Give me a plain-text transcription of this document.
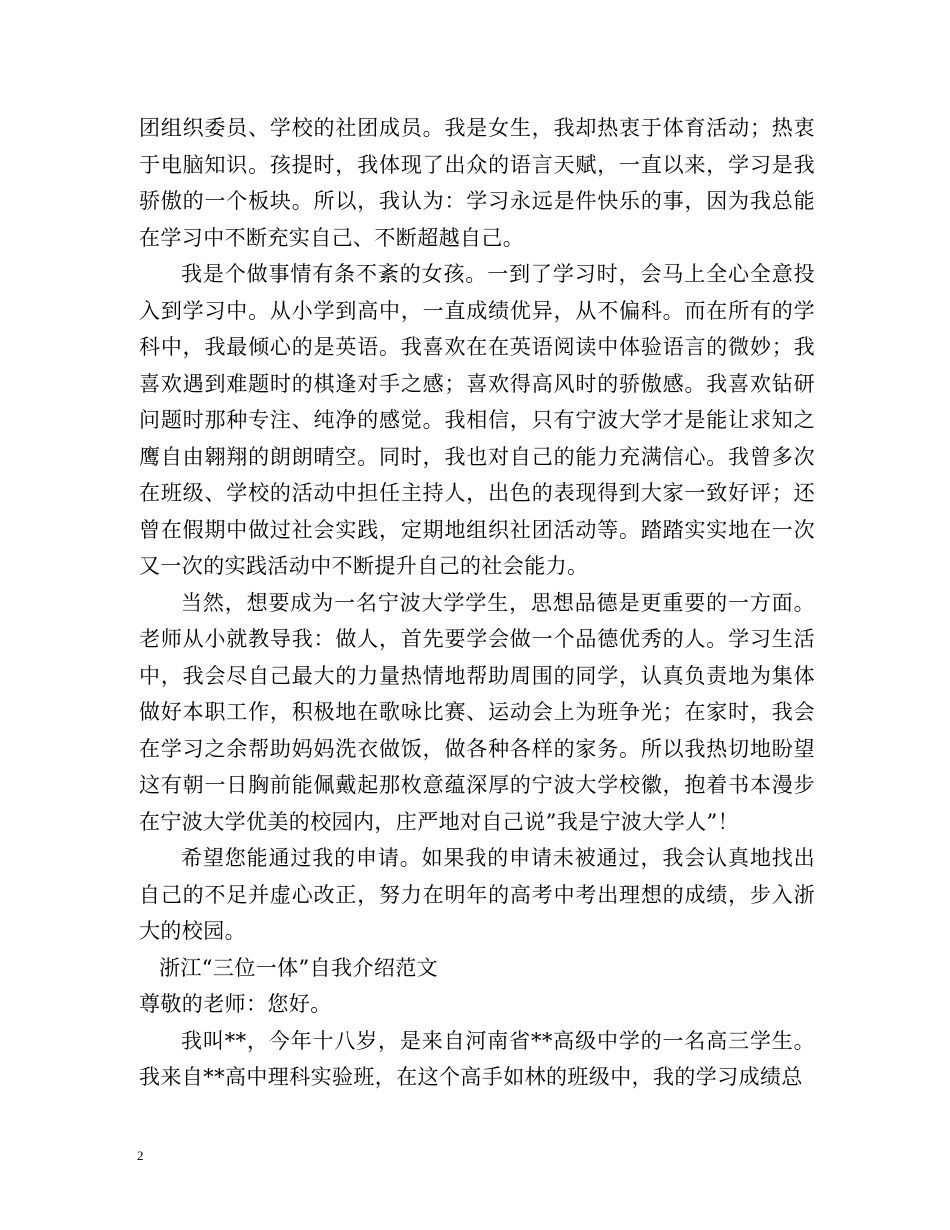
团组织委员、学校的社团成员。我是女生，我却热衷于体育活动；热衷于电脑知识。孩提时，我体现了出众的语言天赋，一直以来，学习是我骄傲的一个板块。所以，我认为：学习永远是件快乐的事，因为我总能在学习中不断充实自己、不断超越自己。

我是个做事情有条不紊的女孩。一到了学习时，会马上全心全意投入到学习中。从小学到高中，一直成绩优异，从不偏科。而在所有的学科中，我最倾心的是英语。我喜欢在在英语阅读中体验语言的微妙；我喜欢遇到难题时的棋逢对手之感；喜欢得高风时的骄傲感。我喜欢钻研问题时那种专注、纯净的感觉。我相信，只有宁波大学才是能让求知之鹰自由翱翔的朗朗晴空。同时，我也对自己的能力充满信心。我曾多次在班级、学校的活动中担任主持人，出色的表现得到大家一致好评；还曾在假期中做过社会实践，定期地组织社团活动等。踏踏实实地在一次又一次的实践活动中不断提升自己的社会能力。

当然，想要成为一名宁波大学学生，思想品德是更重要的一方面。老师从小就教导我：做人，首先要学会做一个品德优秀的人。学习生活中，我会尽自己最大的力量热情地帮助周围的同学，认真负责地为集体做好本职工作，积极地在歌咏比赛、运动会上为班争光；在家时，我会在学习之余帮助妈妈洗衣做饭，做各种各样的家务。所以我热切地盼望这有朝一日胸前能佩戴起那枚意蕴深厚的宁波大学校徽，抱着书本漫步在宁波大学优美的校园内，庄严地对自己说”我是宁波大学人”！

希望您能通过我的申请。如果我的申请未被通过，我会认真地找出自己的不足并虚心改正，努力在明年的高考中考出理想的成绩，步入浙大的校园。

浙江“三位一体”自我介绍范文

尊敬的老师：您好。

我叫**，今年十八岁，是来自河南省**高级中学的一名高三学生。我来自**高中理科实验班，在这个高手如林的班级中，我的学习成绩总

2
